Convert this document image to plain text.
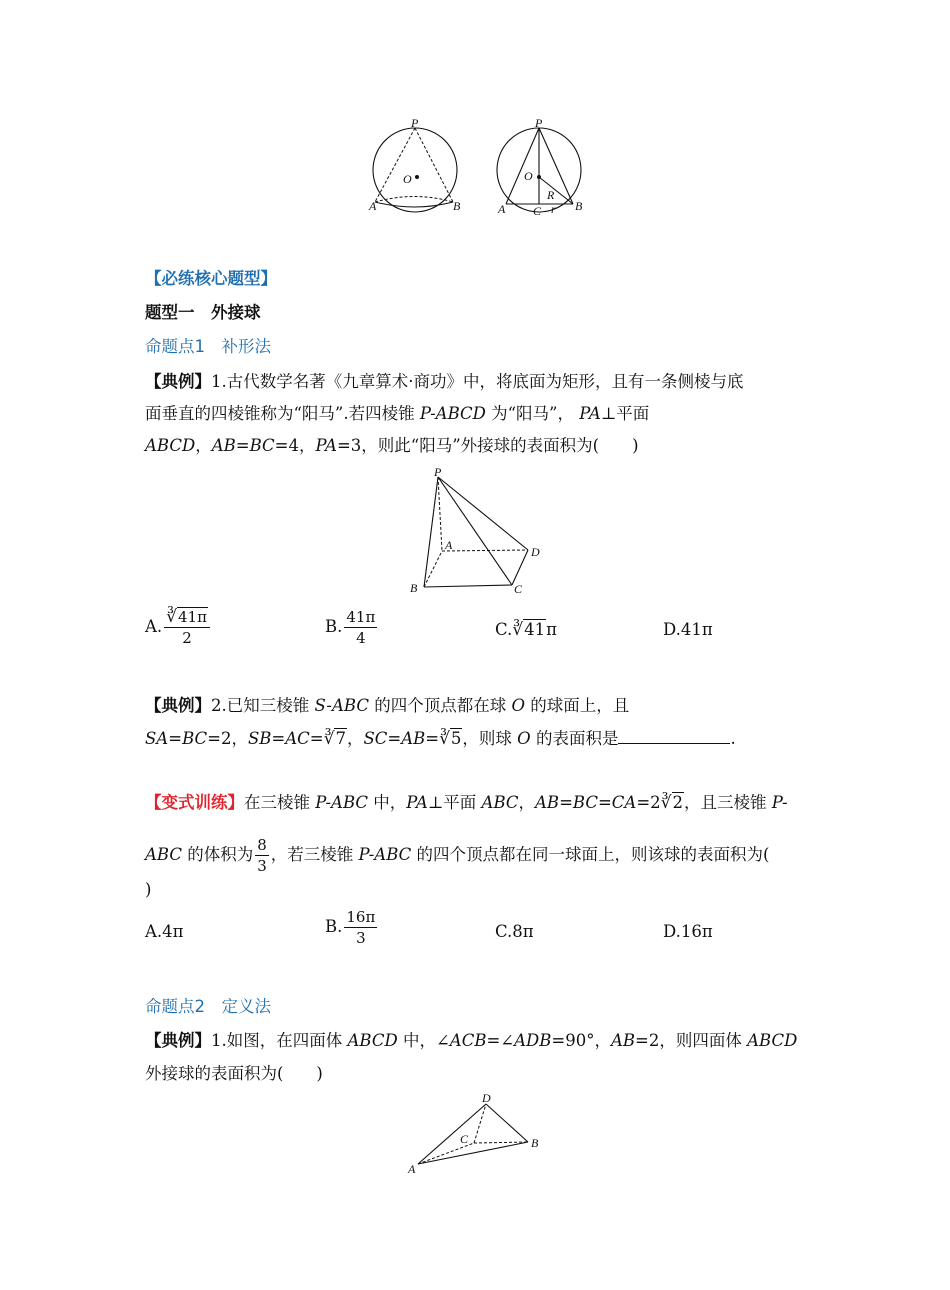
P
O
A	B
P
O
R
A C r B
【必练核心题型】
题型一　外接球
命题点1　补形法
【典例】1.古代数学名著《九章算术·商功》中，将底面为矩形，且有一条侧棱与底
面垂直的四棱锥称为“阳马”.若四棱锥 P-ABCD 为“阳马”， PA⊥平面
ABCD，AB=BC=4，PA=3，则此“阳马”外接球的表面积为(　　)
P
A
B	C
D
A. $\frac{∛41\pi}{2}$	B. $\frac{41\pi}{4}$	C.∛41π	D.41π
【典例】2.已知三棱锥 S-ABC 的四个顶点都在球 O 的球面上，且
SA=BC=2，SB=AC=∛7，SC=AB=∛5，则球 O 的表面积是	.
【变式训练】在三棱锥 P-ABC 中，PA⊥平面 ABC，AB=BC=CA=2∛2，且三棱锥 P-
ABC 的体积为 $\frac{8}{3}$ ，若三棱锥 P-ABC 的四个顶点都在同一球面上，则该球的表面积为(
)
A.4π	B. $\frac{16\pi}{3}$	C.8π	D.16π
命题点2　定义法
【典例】1.如图，在四面体 ABCD 中，∠ACB=∠ADB=90°，AB=2，则四面体 ABCD
外接球的表面积为(　　)
D
C	B
A
